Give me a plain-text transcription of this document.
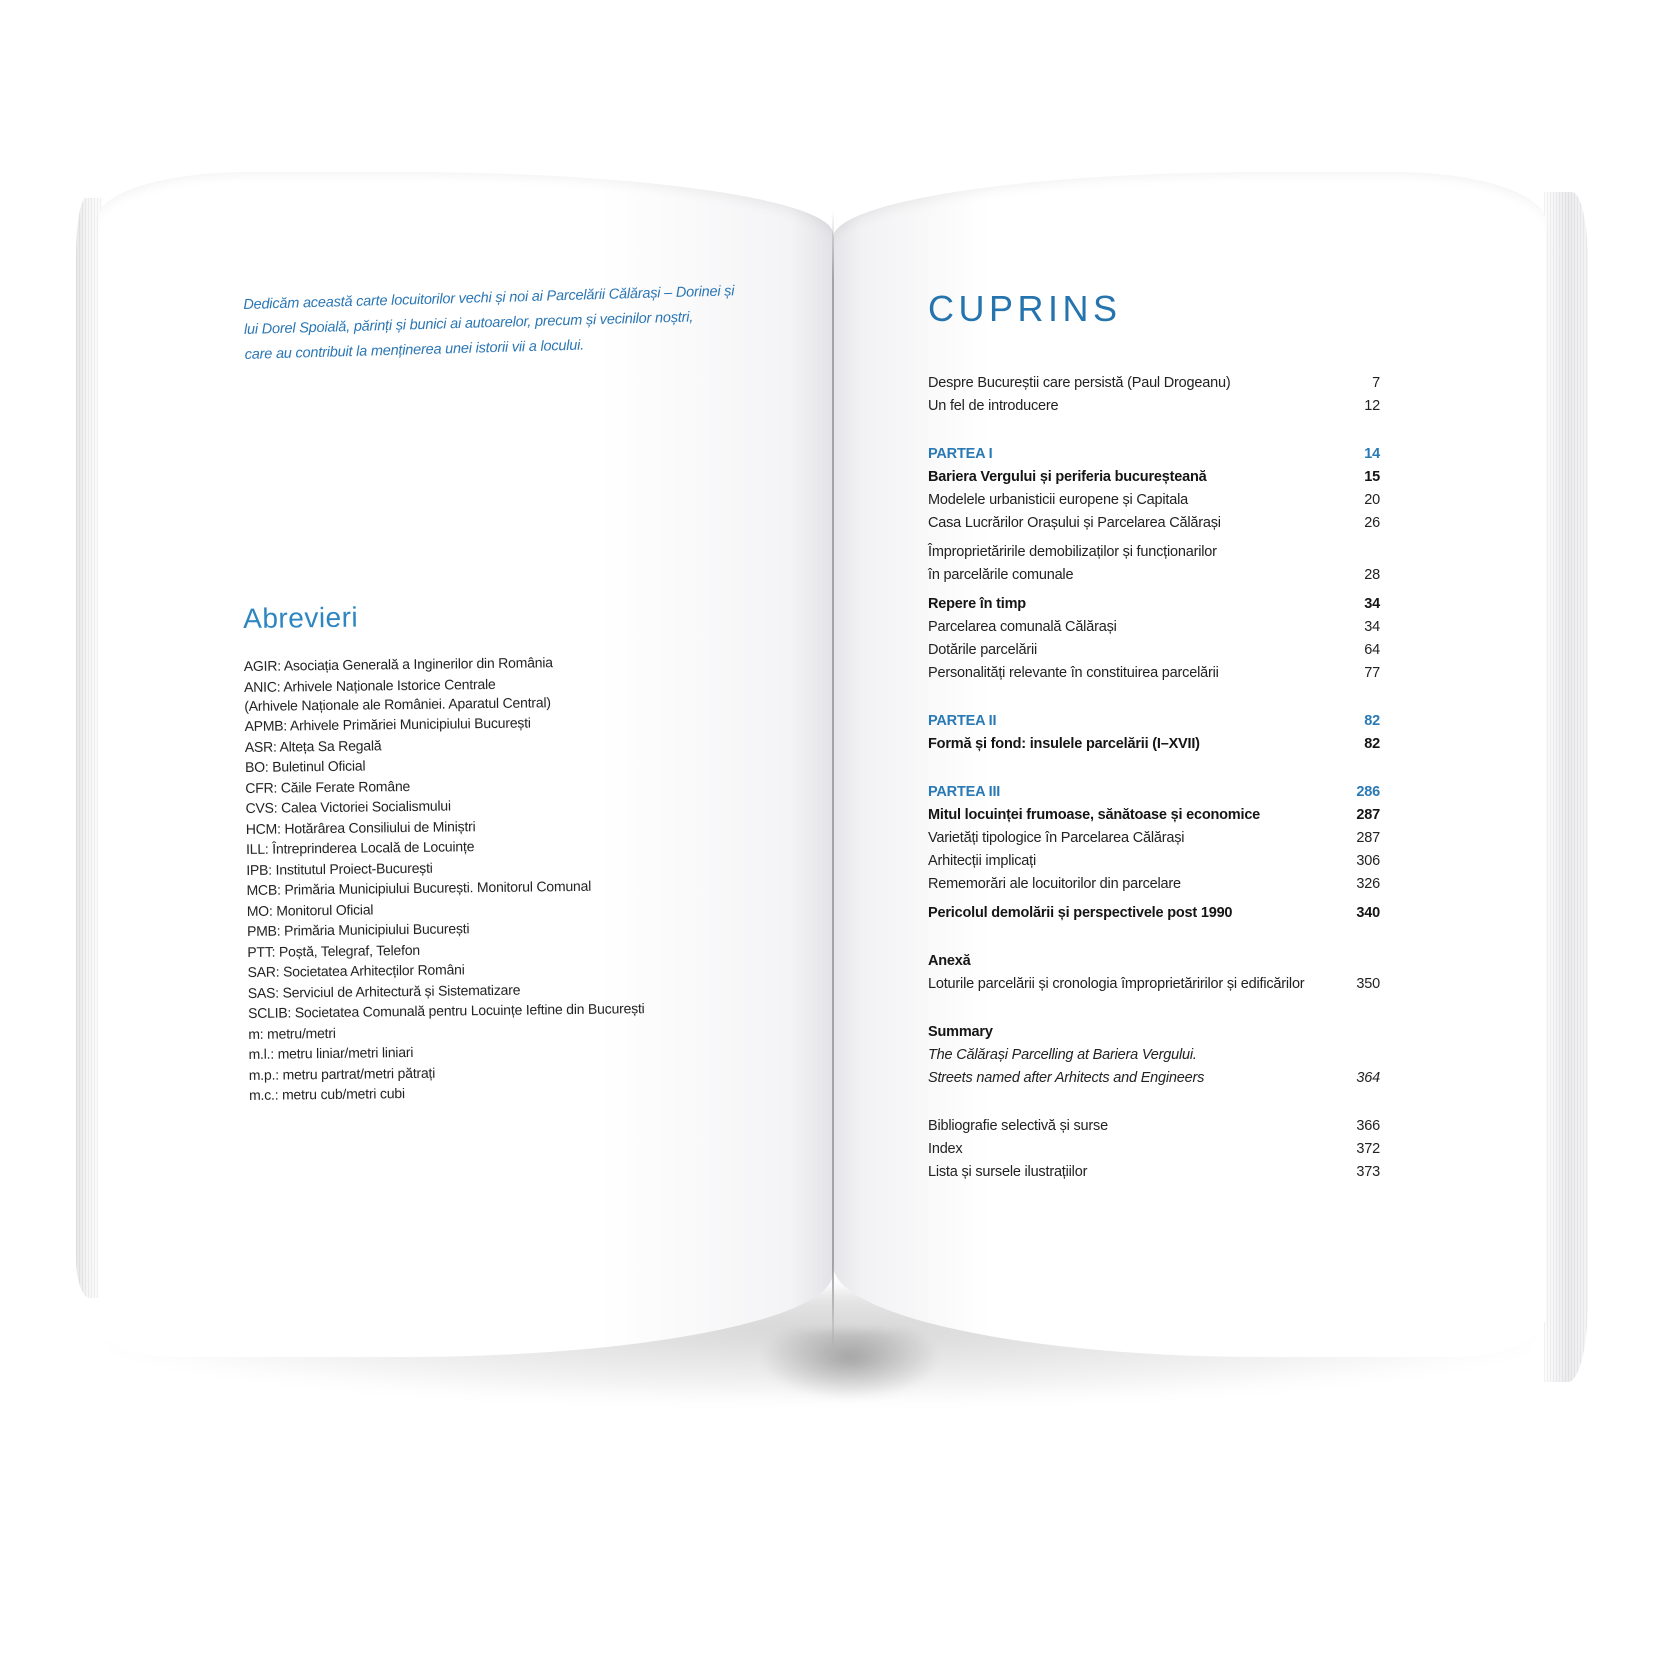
Dedicăm această carte locuitorilor vechi și noi ai Parcelării Călărași – Dorinei și
lui Dorel Spoială, părinți și bunici ai autoarelor, precum și vecinilor noștri,
care au contribuit la menținerea unei istorii vii a locului.
Abrevieri
AGIR: Asociația Generală a Inginerilor din România
ANIC: Arhivele Naționale Istorice Centrale
(Arhivele Naționale ale României. Aparatul Central)
APMB: Arhivele Primăriei Municipiului București
ASR: Alteța Sa Regală
BO: Buletinul Oficial
CFR: Căile Ferate Române
CVS: Calea Victoriei Socialismului
HCM: Hotărârea Consiliului de Miniștri
ILL: Întreprinderea Locală de Locuințe
IPB: Institutul Proiect-București
MCB: Primăria Municipiului București. Monitorul Comunal
MO: Monitorul Oficial
PMB: Primăria Municipiului București
PTT: Poștă, Telegraf, Telefon
SAR: Societatea Arhitecților Români
SAS: Serviciul de Arhitectură și Sistematizare
SCLIB: Societatea Comunală pentru Locuințe Ieftine din București
m: metru/metri
m.l.: metru liniar/metri liniari
m.p.: metru partrat/metri pătrați
m.c.: metru cub/metri cubi
CUPRINS
Despre Bucureștii care persistă (Paul Drogeanu)	7
Un fel de introducere	12
PARTEA I	14
Bariera Vergului și periferia bucureșteană	15
Modelele urbanisticii europene și Capitala	20
Casa Lucrărilor Orașului și Parcelarea Călărași	26
Împroprietăririle demobilizaților și funcționarilor
în parcelările comunale	28
Repere în timp	34
Parcelarea comunală Călărași	34
Dotările parcelării	64
Personalități relevante în constituirea parcelării	77
PARTEA II	82
Formă și fond: insulele parcelării (I–XVII)	82
PARTEA III	286
Mitul locuinței frumoase, sănătoase și economice	287
Varietăți tipologice în Parcelarea Călărași	287
Arhitecții implicați	306
Rememorări ale locuitorilor din parcelare	326
Pericolul demolării și perspectivele post 1990	340
Anexă
Loturile parcelării și cronologia împroprietăririlor și edificărilor	350
Summary
The Călărași Parcelling at Bariera Vergului.
Streets named after Arhitects and Engineers	364
Bibliografie selectivă și surse	366
Index	372
Lista și sursele ilustrațiilor	373
